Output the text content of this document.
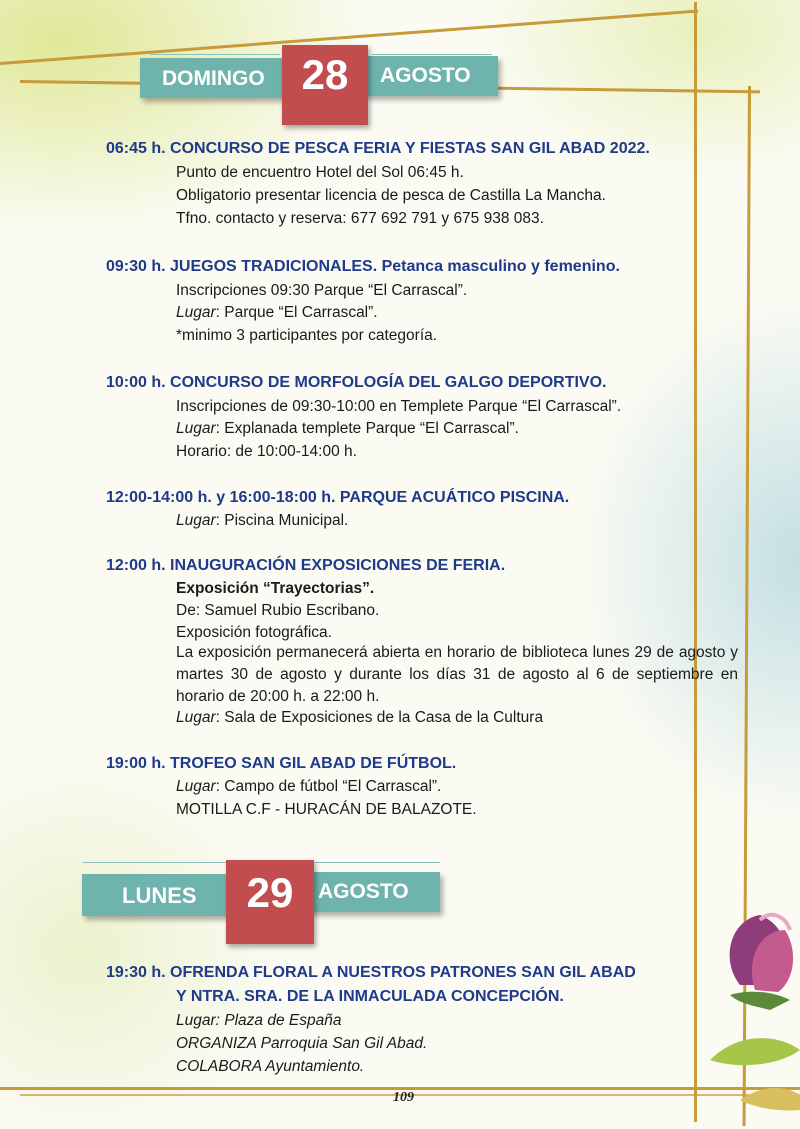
DOMINGO	AGOSTO
28
06:45 h. CONCURSO DE PESCA FERIA Y FIESTAS SAN GIL ABAD 2022.
Punto de encuentro Hotel del Sol 06:45 h.
Obligatorio presentar licencia de pesca de Castilla La Mancha.
Tfno. contacto y reserva: 677 692 791 y 675 938 083.
09:30 h. JUEGOS TRADICIONALES. Petanca masculino y femenino.
Inscripciones 09:30 Parque “El Carrascal”.
Lugar: Parque “El Carrascal”.
*minimo 3 participantes por categoría.
10:00 h. CONCURSO DE MORFOLOGÍA DEL GALGO DEPORTIVO.
Inscripciones de 09:30-10:00 en Templete Parque “El Carrascal”.
Lugar: Explanada templete Parque “El Carrascal”.
Horario: de 10:00-14:00 h.
12:00-14:00 h. y 16:00-18:00 h. PARQUE ACUÁTICO PISCINA.
Lugar: Piscina Municipal.
12:00 h. INAUGURACIÓN EXPOSICIONES DE FERIA.
Exposición “Trayectorias”.
De: Samuel Rubio Escribano.
Exposición fotográfica.
La exposición permanecerá abierta en horario de biblioteca lunes 29 de agosto y martes 30 de agosto y durante los días 31 de agosto al 6 de septiembre en horario de 20:00 h. a 22:00 h.
Lugar: Sala de Exposiciones de la Casa de la Cultura
19:00 h. TROFEO SAN GIL ABAD DE FÚTBOL.
Lugar: Campo de fútbol “El Carrascal”.
MOTILLA C.F - HURACÁN DE BALAZOTE.
LUNES	AGOSTO
29
19:30 h. OFRENDA FLORAL A NUESTROS PATRONES SAN GIL ABAD
Y NTRA. SRA. DE LA INMACULADA CONCEPCIÓN.
Lugar: Plaza de España
ORGANIZA Parroquia San Gil Abad.
COLABORA Ayuntamiento.
109
